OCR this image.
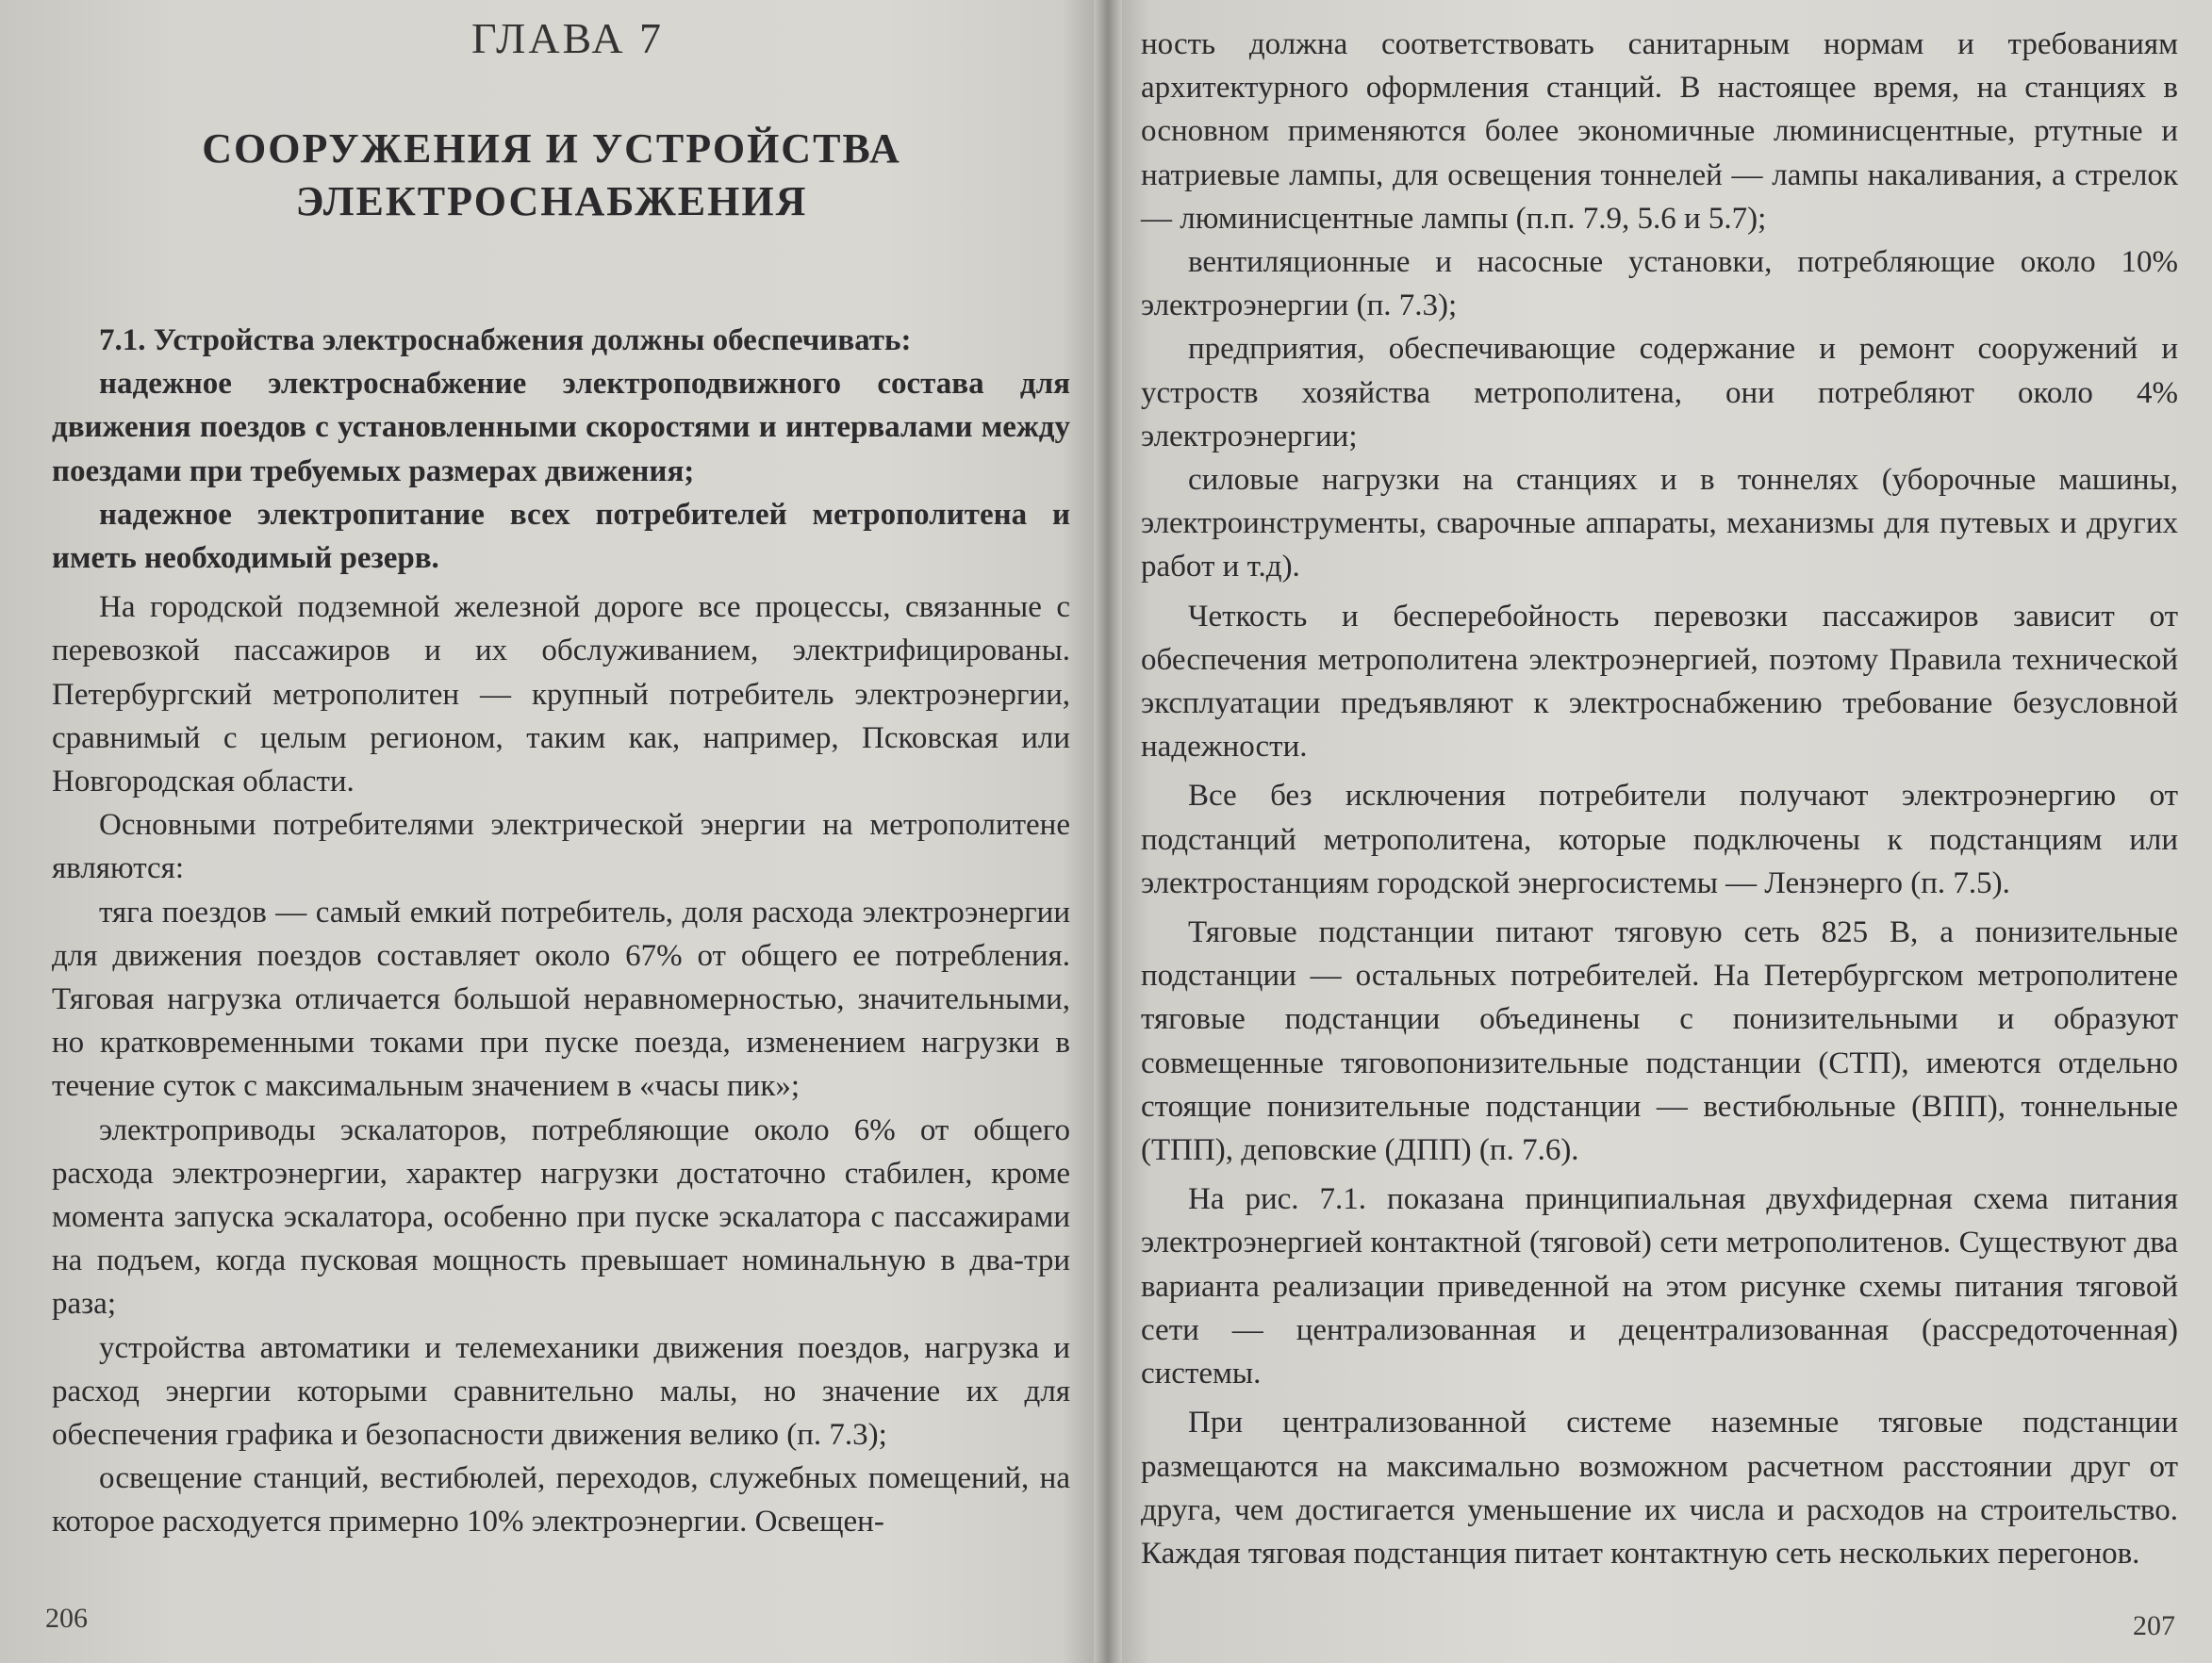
ГЛАВА 7
СООРУЖЕНИЯ И УСТРОЙСТВА
ЭЛЕКТРОСНАБЖЕНИЯ

7.1. Устройства электроснабжения должны обеспечивать:

надежное электроснабжение электроподвижного состава для движения поездов с установленными скоростями и интервалами между поездами при требуемых размерах движения;

надежное электропитание всех потребителей метрополитена и иметь необходимый резерв.

На городской подземной железной дороге все процессы, связанные с перевозкой пассажиров и их обслуживанием, электрифицированы. Петербургский метрополитен — крупный потребитель электроэнергии, сравнимый с целым регионом, таким как, например, Псковская или Новгородская области.

Основными потребителями электрической энергии на метрополитене являются:

тяга поездов — самый емкий потребитель, доля расхода электроэнергии для движения поездов составляет около 67% от общего ее потребления. Тяговая нагрузка отличается большой неравномерностью, значительными, но кратковременными токами при пуске поезда, изменением нагрузки в течение суток с максимальным значением в «часы пик»;

электроприводы эскалаторов, потребляющие около 6% от общего расхода электроэнергии, характер нагрузки достаточно стабилен, кроме момента запуска эскалатора, особенно при пуске эскалатора с пассажирами на подъем, когда пусковая мощность превышает номинальную в два-три раза;

устройства автоматики и телемеханики движения поездов, нагрузка и расход энергии которыми сравнительно малы, но значение их для обеспечения графика и безопасности движения велико (п. 7.3);

освещение станций, вестибюлей, переходов, служебных помещений, на которое расходуется примерно 10% электроэнергии. Освещен-

ность должна соответствовать санитарным нормам и требованиям архитектурного оформления станций. В настоящее время, на станциях в основном применяются более экономичные люминисцентные, ртутные и натриевые лампы, для освещения тоннелей — лампы накаливания, а стрелок — люминисцентные лампы (п.п. 7.9, 5.6 и 5.7);

вентиляционные и насосные установки, потребляющие около 10% электроэнергии (п. 7.3);

предприятия, обеспечивающие содержание и ремонт сооружений и устроств хозяйства метрополитена, они потребляют около 4% электроэнергии;

силовые нагрузки на станциях и в тоннелях (уборочные машины, электроинструменты, сварочные аппараты, механизмы для путевых и других работ и т.д).

Четкость и бесперебойность перевозки пассажиров зависит от обеспечения метрополитена электроэнергией, поэтому Правила технической эксплуатации предъявляют к электроснабжению требование безусловной надежности.

Все без исключения потребители получают электроэнергию от подстанций метрополитена, которые подключены к подстанциям или электростанциям городской энергосистемы — Ленэнерго (п. 7.5).

Тяговые подстанции питают тяговую сеть 825 В, а понизительные подстанции — остальных потребителей. На Петербургском метрополитене тяговые подстанции объединены с понизительными и образуют совмещенные тяговопонизительные подстанции (СТП), имеются отдельно стоящие понизительные подстанции — вестибюльные (ВПП), тоннельные (ТПП), деповские (ДПП) (п. 7.6).

На рис. 7.1. показана принципиальная двухфидерная схема питания электроэнергией контактной (тяговой) сети метрополитенов. Существуют два варианта реализации приведенной на этом рисунке схемы питания тяговой сети — централизованная и децентрализованная (рассредоточенная) системы.

При централизованной системе наземные тяговые подстанции размещаются на максимально возможном расчетном расстоянии друг от друга, чем достигается уменьшение их числа и расходов на строительство. Каждая тяговая подстанция питает контактную сеть нескольких перегонов.

206	207
